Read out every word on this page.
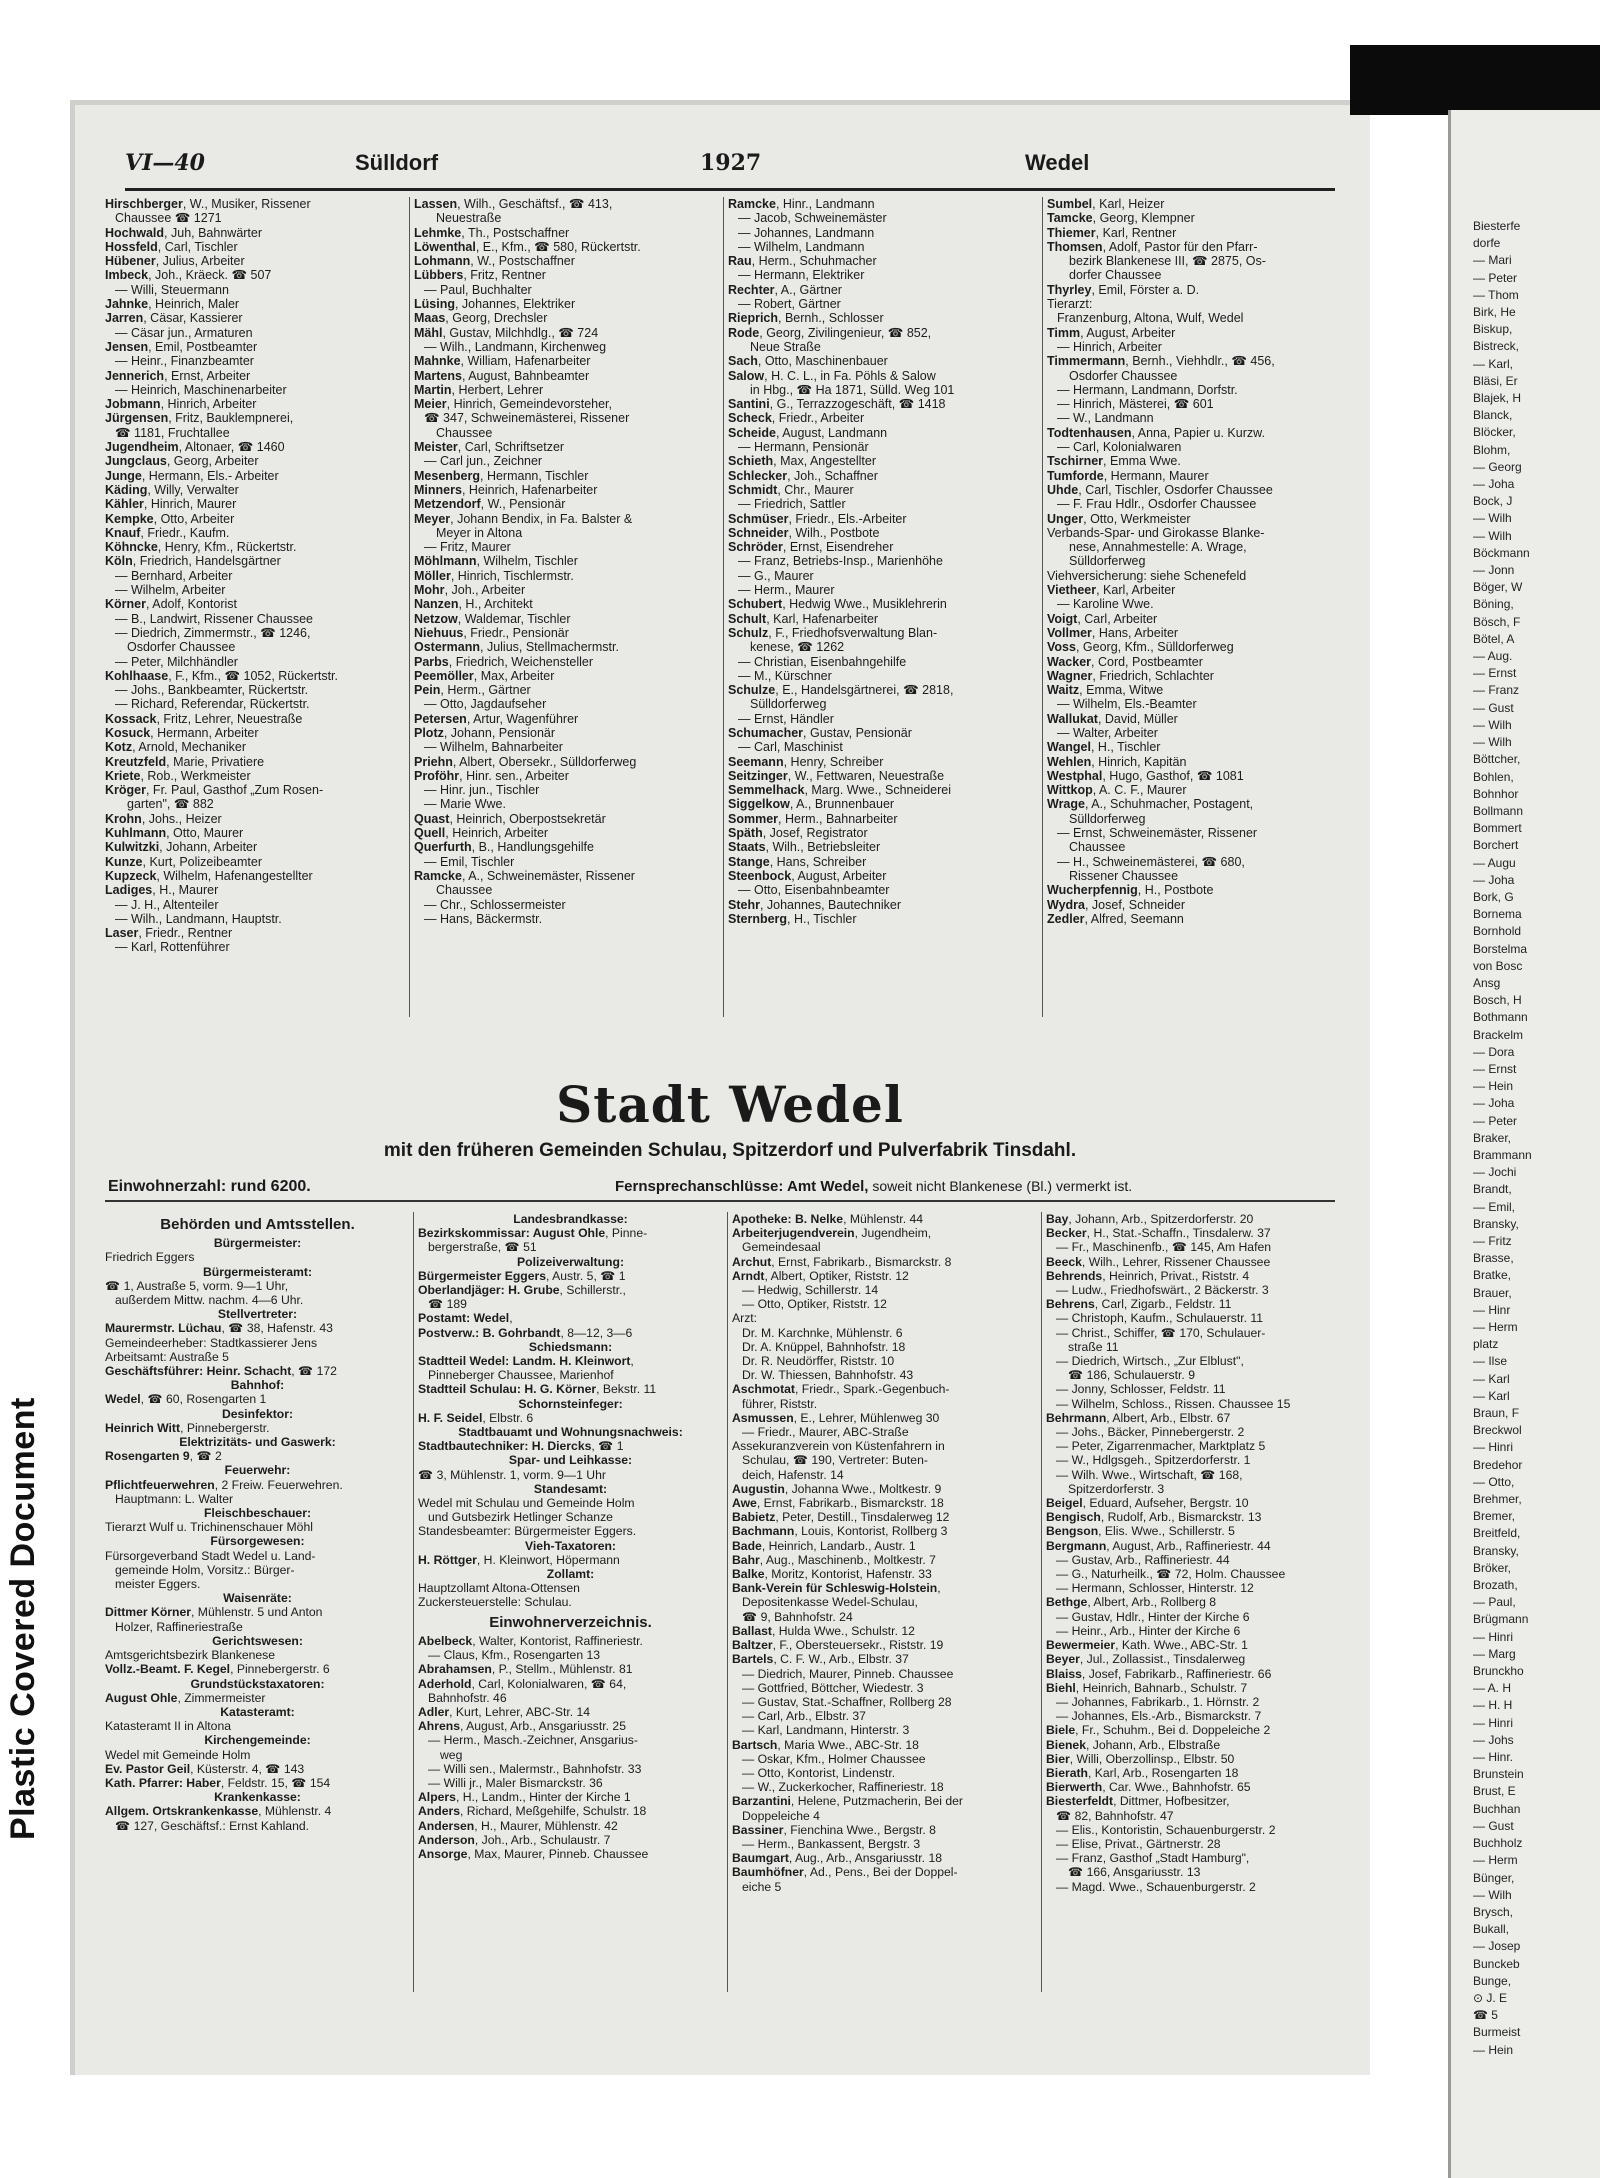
Biesterfe
dorfe
— Mari
— Peter
— Thom
Birk, He
Biskup,
Bistreck,
— Karl,
Bläsi, Er
Blajek, H
Blanck,
Blöcker,
Blohm,
— Georg
— Joha
Bock, J
— Wilh
— Wilh
Böckmann
— Jonn
Böger, W
Böning,
Bösch, F
Bötel, A
— Aug.
— Ernst
— Franz
— Gust
— Wilh
— Wilh
Böttcher,
Bohlen,
Bohnhor
Bollmann
Bommert
Borchert
— Augu
— Joha
Bork, G
Bornema
Bornhold
Borstelma
von Bosc
Ansg
Bosch, H
Bothmann
Brackelm
— Dora
— Ernst
— Hein
— Joha
— Peter
Braker,
Brammann
— Jochi
Brandt,
— Emil,
Bransky,
— Fritz
Brasse,
Bratke,
Brauer,
— Hinr
— Herm
platz
— Ilse
— Karl
— Karl
Braun, F
Breckwol
— Hinri
Bredehor
— Otto,
Brehmer,
Bremer,
Breitfeld,
Bransky,
Bröker,
Brozath,
— Paul,
Brügmann
— Hinri
— Marg
Brunckho
— A. H
— H. H
— Hinri
— Johs
— Hinr.
Brunstein
Brust, E
Buchhan
— Gust
Buchholz
— Herm
Bünger,
— Wilh
Brysch,
Bukall,
— Josep
Bunckeb
Bunge,
⊙ J. E
☎ 5
Burmeist
— Hein
Plastic Covered Document
VI—40	Sülldorf	1927	Wedel
Hirschberger, W., Musiker, Rissener
Chaussee ☎ 1271
Hochwald, Juh, Bahnwärter
Hossfeld, Carl, Tischler
Hübener, Julius, Arbeiter
Imbeck, Joh., Kräeck. ☎ 507
— Willi, Steuermann
Jahnke, Heinrich, Maler
Jarren, Cäsar, Kassierer
— Cäsar jun., Armaturen
Jensen, Emil, Postbeamter
— Heinr., Finanzbeamter
Jennerich, Ernst, Arbeiter
— Heinrich, Maschinenarbeiter
Jobmann, Hinrich, Arbeiter
Jürgensen, Fritz, Bauklempnerei,
☎ 1181, Fruchtallee
Jugendheim, Altonaer, ☎ 1460
Jungclaus, Georg, Arbeiter
Junge, Hermann, Els.- Arbeiter
Käding, Willy, Verwalter
Kähler, Hinrich, Maurer
Kempke, Otto, Arbeiter
Knauf, Friedr., Kaufm.
Köhncke, Henry, Kfm., Rückertstr.
Köln, Friedrich, Handelsgärtner
— Bernhard, Arbeiter
— Wilhelm, Arbeiter
Körner, Adolf, Kontorist
— B., Landwirt, Rissener Chaussee
— Diedrich, Zimmermstr., ☎ 1246,
Osdorfer Chaussee
— Peter, Milchhändler
Kohlhaase, F., Kfm., ☎ 1052, Rückertstr.
— Johs., Bankbeamter, Rückertstr.
— Richard, Referendar, Rückertstr.
Kossack, Fritz, Lehrer, Neuestraße
Kosuck, Hermann, Arbeiter
Kotz, Arnold, Mechaniker
Kreutzfeld, Marie, Privatiere
Kriete, Rob., Werkmeister
Kröger, Fr. Paul, Gasthof „Zum Rosen-
garten", ☎ 882
Krohn, Johs., Heizer
Kuhlmann, Otto, Maurer
Kulwitzki, Johann, Arbeiter
Kunze, Kurt, Polizeibeamter
Kupzeck, Wilhelm, Hafenangestellter
Ladiges, H., Maurer
— J. H., Altenteiler
— Wilh., Landmann, Hauptstr.
Laser, Friedr., Rentner
— Karl, Rottenführer
Lassen, Wilh., Geschäftsf., ☎ 413,
Neuestraße
Lehmke, Th., Postschaffner
Löwenthal, E., Kfm., ☎ 580, Rückertstr.
Lohmann, W., Postschaffner
Lübbers, Fritz, Rentner
— Paul, Buchhalter
Lüsing, Johannes, Elektriker
Maas, Georg, Drechsler
Mähl, Gustav, Milchhdlg., ☎ 724
— Wilh., Landmann, Kirchenweg
Mahnke, William, Hafenarbeiter
Martens, August, Bahnbeamter
Martin, Herbert, Lehrer
Meier, Hinrich, Gemeindevorsteher,
☎ 347, Schweinemästerei, Rissener
Chaussee
Meister, Carl, Schriftsetzer
— Carl jun., Zeichner
Mesenberg, Hermann, Tischler
Minners, Heinrich, Hafenarbeiter
Metzendorf, W., Pensionär
Meyer, Johann Bendix, in Fa. Balster &
Meyer in Altona
— Fritz, Maurer
Möhlmann, Wilhelm, Tischler
Möller, Hinrich, Tischlermstr.
Mohr, Joh., Arbeiter
Nanzen, H., Architekt
Netzow, Waldemar, Tischler
Niehuus, Friedr., Pensionär
Ostermann, Julius, Stellmachermstr.
Parbs, Friedrich, Weichensteller
Peemöller, Max, Arbeiter
Pein, Herm., Gärtner
— Otto, Jagdaufseher
Petersen, Artur, Wagenführer
Plotz, Johann, Pensionär
— Wilhelm, Bahnarbeiter
Priehn, Albert, Obersekr., Sülldorferweg
Proföhr, Hinr. sen., Arbeiter
— Hinr. jun., Tischler
— Marie Wwe.
Quast, Heinrich, Oberpostsekretär
Quell, Heinrich, Arbeiter
Querfurth, B., Handlungsgehilfe
— Emil, Tischler
Ramcke, A., Schweinemäster, Rissener
Chaussee
— Chr., Schlossermeister
— Hans, Bäckermstr.
Ramcke, Hinr., Landmann
— Jacob, Schweinemäster
— Johannes, Landmann
— Wilhelm, Landmann
Rau, Herm., Schuhmacher
— Hermann, Elektriker
Rechter, A., Gärtner
— Robert, Gärtner
Rieprich, Bernh., Schlosser
Rode, Georg, Zivilingenieur, ☎ 852,
Neue Straße
Sach, Otto, Maschinenbauer
Salow, H. C. L., in Fa. Pöhls & Salow
in Hbg., ☎ Ha 1871, Sülld. Weg 101
Santini, G., Terrazzogeschäft, ☎ 1418
Scheck, Friedr., Arbeiter
Scheide, August, Landmann
— Hermann, Pensionär
Schieth, Max, Angestellter
Schlecker, Joh., Schaffner
Schmidt, Chr., Maurer
— Friedrich, Sattler
Schmüser, Friedr., Els.-Arbeiter
Schneider, Wilh., Postbote
Schröder, Ernst, Eisendreher
— Franz, Betriebs-Insp., Marienhöhe
— G., Maurer
— Herm., Maurer
Schubert, Hedwig Wwe., Musiklehrerin
Schult, Karl, Hafenarbeiter
Schulz, F., Friedhofsverwaltung Blan-
kenese, ☎ 1262
— Christian, Eisenbahngehilfe
— M., Kürschner
Schulze, E., Handelsgärtnerei, ☎ 2818,
Sülldorferweg
— Ernst, Händler
Schumacher, Gustav, Pensionär
— Carl, Maschinist
Seemann, Henry, Schreiber
Seitzinger, W., Fettwaren, Neuestraße
Semmelhack, Marg. Wwe., Schneiderei
Siggelkow, A., Brunnenbauer
Sommer, Herm., Bahnarbeiter
Späth, Josef, Registrator
Staats, Wilh., Betriebsleiter
Stange, Hans, Schreiber
Steenbock, August, Arbeiter
— Otto, Eisenbahnbeamter
Stehr, Johannes, Bautechniker
Sternberg, H., Tischler
Sumbel, Karl, Heizer
Tamcke, Georg, Klempner
Thiemer, Karl, Rentner
Thomsen, Adolf, Pastor für den Pfarr-
bezirk Blankenese III, ☎ 2875, Os-
dorfer Chaussee
Thyrley, Emil, Förster a. D.
Tierarzt:
Franzenburg, Altona, Wulf, Wedel
Timm, August, Arbeiter
— Hinrich, Arbeiter
Timmermann, Bernh., Viehhdlr., ☎ 456,
Osdorfer Chaussee
— Hermann, Landmann, Dorfstr.
— Hinrich, Mästerei, ☎ 601
— W., Landmann
Todtenhausen, Anna, Papier u. Kurzw.
— Carl, Kolonialwaren
Tschirner, Emma Wwe.
Tumforde, Hermann, Maurer
Uhde, Carl, Tischler, Osdorfer Chaussee
— F. Frau Hdlr., Osdorfer Chaussee
Unger, Otto, Werkmeister
Verbands-Spar- und Girokasse Blanke-
nese, Annahmestelle: A. Wrage,
Sülldorferweg
Viehversicherung: siehe Schenefeld
Vietheer, Karl, Arbeiter
— Karoline Wwe.
Voigt, Carl, Arbeiter
Vollmer, Hans, Arbeiter
Voss, Georg, Kfm., Sülldorferweg
Wacker, Cord, Postbeamter
Wagner, Friedrich, Schlachter
Waitz, Emma, Witwe
— Wilhelm, Els.-Beamter
Wallukat, David, Müller
— Walter, Arbeiter
Wangel, H., Tischler
Wehlen, Hinrich, Kapitän
Westphal, Hugo, Gasthof, ☎ 1081
Wittkop, A. C. F., Maurer
Wrage, A., Schuhmacher, Postagent,
Sülldorferweg
— Ernst, Schweinemäster, Rissener
Chaussee
— H., Schweinemästerei, ☎ 680,
Rissener Chaussee
Wucherpfennig, H., Postbote
Wydra, Josef, Schneider
Zedler, Alfred, Seemann
Stadt Wedel
mit den früheren Gemeinden Schulau, Spitzerdorf und Pulverfabrik Tinsdahl.
Einwohnerzahl: rund 6200.	Fernsprechanschlüsse: Amt Wedel, soweit nicht Blankenese (Bl.) vermerkt ist.
Behörden und Amtsstellen.
Bürgermeister:
Friedrich Eggers
Bürgermeisteramt:
☎ 1, Austraße 5, vorm. 9—1 Uhr,
außerdem Mittw. nachm. 4—6 Uhr.
Stellvertreter:
Maurermstr. Lüchau, ☎ 38, Hafenstr. 43
Gemeindeerheber: Stadtkassierer Jens
Arbeitsamt: Austraße 5
Geschäftsführer: Heinr. Schacht, ☎ 172
Bahnhof:
Wedel, ☎ 60, Rosengarten 1
Desinfektor:
Heinrich Witt, Pinnebergerstr.
Elektrizitäts- und Gaswerk:
Rosengarten 9, ☎ 2
Feuerwehr:
Pflichtfeuerwehren, 2 Freiw. Feuerwehren.
Hauptmann: L. Walter
Fleischbeschauer:
Tierarzt Wulf u. Trichinenschauer Möhl
Fürsorgewesen:
Fürsorgeverband Stadt Wedel u. Land-
gemeinde Holm, Vorsitz.: Bürger-
meister Eggers.
Waisenräte:
Dittmer Körner, Mühlenstr. 5 und Anton
Holzer, Raffineriestraße
Gerichtswesen:
Amtsgerichtsbezirk Blankenese
Vollz.-Beamt. F. Kegel, Pinnebergerstr. 6
Grundstückstaxatoren:
August Ohle, Zimmermeister
Katasteramt:
Katasteramt II in Altona
Kirchengemeinde:
Wedel mit Gemeinde Holm
Ev. Pastor Geil, Küsterstr. 4, ☎ 143
Kath. Pfarrer: Haber, Feldstr. 15, ☎ 154
Krankenkasse:
Allgem. Ortskrankenkasse, Mühlenstr. 4
☎ 127, Geschäftsf.: Ernst Kahland.
Landesbrandkasse:
Bezirkskommissar: August Ohle, Pinne-
bergerstraße, ☎ 51
Polizeiverwaltung:
Bürgermeister Eggers, Austr. 5, ☎ 1
Oberlandjäger: H. Grube, Schillerstr.,
☎ 189
Postamt: Wedel,
Postverw.: B. Gohrbandt, 8—12, 3—6
Schiedsmann:
Stadtteil Wedel: Landm. H. Kleinwort,
Pinneberger Chaussee, Marienhof
Stadtteil Schulau: H. G. Körner, Bekstr. 11
Schornsteinfeger:
H. F. Seidel, Elbstr. 6
Stadtbauamt und Wohnungsnachweis:
Stadtbautechniker: H. Diercks, ☎ 1
Spar- und Leihkasse:
☎ 3, Mühlenstr. 1, vorm. 9—1 Uhr
Standesamt:
Wedel mit Schulau und Gemeinde Holm
und Gutsbezirk Hetlinger Schanze
Standesbeamter: Bürgermeister Eggers.
Vieh-Taxatoren:
H. Röttger, H. Kleinwort, Höpermann
Zollamt:
Hauptzollamt Altona-Ottensen
Zuckersteuerstelle: Schulau.
Einwohnerverzeichnis.
Abelbeck, Walter, Kontorist, Raffineriestr.
— Claus, Kfm., Rosengarten 13
Abrahamsen, P., Stellm., Mühlenstr. 81
Aderhold, Carl, Kolonialwaren, ☎ 64,
Bahnhofstr. 46
Adler, Kurt, Lehrer, ABC-Str. 14
Ahrens, August, Arb., Ansgariusstr. 25
— Herm., Masch.-Zeichner, Ansgarius-
weg
— Willi sen., Malermstr., Bahnhofstr. 33
— Willi jr., Maler Bismarckstr. 36
Alpers, H., Landm., Hinter der Kirche 1
Anders, Richard, Meßgehilfe, Schulstr. 18
Andersen, H., Maurer, Mühlenstr. 42
Anderson, Joh., Arb., Schulaustr. 7
Ansorge, Max, Maurer, Pinneb. Chaussee
Apotheke: B. Nelke, Mühlenstr. 44
Arbeiterjugendverein, Jugendheim,
Gemeindesaal
Archut, Ernst, Fabrikarb., Bismarckstr. 8
Arndt, Albert, Optiker, Riststr. 12
— Hedwig, Schillerstr. 14
— Otto, Optiker, Riststr. 12
Arzt:
Dr. M. Karchnke, Mühlenstr. 6
Dr. A. Knüppel, Bahnhofstr. 18
Dr. R. Neudörffer, Riststr. 10
Dr. W. Thiessen, Bahnhofstr. 43
Aschmotat, Friedr., Spark.-Gegenbuch-
führer, Riststr.
Asmussen, E., Lehrer, Mühlenweg 30
— Friedr., Maurer, ABC-Straße
Assekuranzverein von Küstenfahrern in
Schulau, ☎ 190, Vertreter: Buten-
deich, Hafenstr. 14
Augustin, Johanna Wwe., Moltkestr. 9
Awe, Ernst, Fabrikarb., Bismarckstr. 18
Babietz, Peter, Destill., Tinsdalerweg 12
Bachmann, Louis, Kontorist, Rollberg 3
Bade, Heinrich, Landarb., Austr. 1
Bahr, Aug., Maschinenb., Moltkestr. 7
Balke, Moritz, Kontorist, Hafenstr. 33
Bank-Verein für Schleswig-Holstein,
Depositenkasse Wedel-Schulau,
☎ 9, Bahnhofstr. 24
Ballast, Hulda Wwe., Schulstr. 12
Baltzer, F., Obersteuersekr., Riststr. 19
Bartels, C. F. W., Arb., Elbstr. 37
— Diedrich, Maurer, Pinneb. Chaussee
— Gottfried, Böttcher, Wiedestr. 3
— Gustav, Stat.-Schaffner, Rollberg 28
— Carl, Arb., Elbstr. 37
— Karl, Landmann, Hinterstr. 3
Bartsch, Maria Wwe., ABC-Str. 18
— Oskar, Kfm., Holmer Chaussee
— Otto, Kontorist, Lindenstr.
— W., Zuckerkocher, Raffineriestr. 18
Barzantini, Helene, Putzmacherin, Bei der
Doppeleiche 4
Bassiner, Fienchina Wwe., Bergstr. 8
— Herm., Bankassent, Bergstr. 3
Baumgart, Aug., Arb., Ansgariusstr. 18
Baumhöfner, Ad., Pens., Bei der Doppel-
eiche 5
Bay, Johann, Arb., Spitzerdorferstr. 20
Becker, H., Stat.-Schaffn., Tinsdalerw. 37
— Fr., Maschinenfb., ☎ 145, Am Hafen
Beeck, Wilh., Lehrer, Rissener Chaussee
Behrends, Heinrich, Privat., Riststr. 4
— Ludw., Friedhofswärt., 2 Bäckerstr. 3
Behrens, Carl, Zigarb., Feldstr. 11
— Christoph, Kaufm., Schulauerstr. 11
— Christ., Schiffer, ☎ 170, Schulauer-
straße 11
— Diedrich, Wirtsch., „Zur Elblust",
☎ 186, Schulauerstr. 9
— Jonny, Schlosser, Feldstr. 11
— Wilhelm, Schloss., Rissen. Chaussee 15
Behrmann, Albert, Arb., Elbstr. 67
— Johs., Bäcker, Pinnebergerstr. 2
— Peter, Zigarrenmacher, Marktplatz 5
— W., Hdlgsgeh., Spitzerdorferstr. 1
— Wilh. Wwe., Wirtschaft, ☎ 168,
Spitzerdorferstr. 3
Beigel, Eduard, Aufseher, Bergstr. 10
Bengisch, Rudolf, Arb., Bismarckstr. 13
Bengson, Elis. Wwe., Schillerstr. 5
Bergmann, August, Arb., Raffineriestr. 44
— Gustav, Arb., Raffineriestr. 44
— G., Naturheilk., ☎ 72, Holm. Chaussee
— Hermann, Schlosser, Hinterstr. 12
Bethge, Albert, Arb., Rollberg 8
— Gustav, Hdlr., Hinter der Kirche 6
— Heinr., Arb., Hinter der Kirche 6
Bewermeier, Kath. Wwe., ABC-Str. 1
Beyer, Jul., Zollassist., Tinsdalerweg
Blaiss, Josef, Fabrikarb., Raffineriestr. 66
Biehl, Heinrich, Bahnarb., Schulstr. 7
— Johannes, Fabrikarb., 1. Hörnstr. 2
— Johannes, Els.-Arb., Bismarckstr. 7
Biele, Fr., Schuhm., Bei d. Doppeleiche 2
Bienek, Johann, Arb., Elbstraße
Bier, Willi, Oberzollinsp., Elbstr. 50
Bierath, Karl, Arb., Rosengarten 18
Bierwerth, Car. Wwe., Bahnhofstr. 65
Biesterfeldt, Dittmer, Hofbesitzer,
☎ 82, Bahnhofstr. 47
— Elis., Kontoristin, Schauenburgerstr. 2
— Elise, Privat., Gärtnerstr. 28
— Franz, Gasthof „Stadt Hamburg",
☎ 166, Ansgariusstr. 13
— Magd. Wwe., Schauenburgerstr. 2
